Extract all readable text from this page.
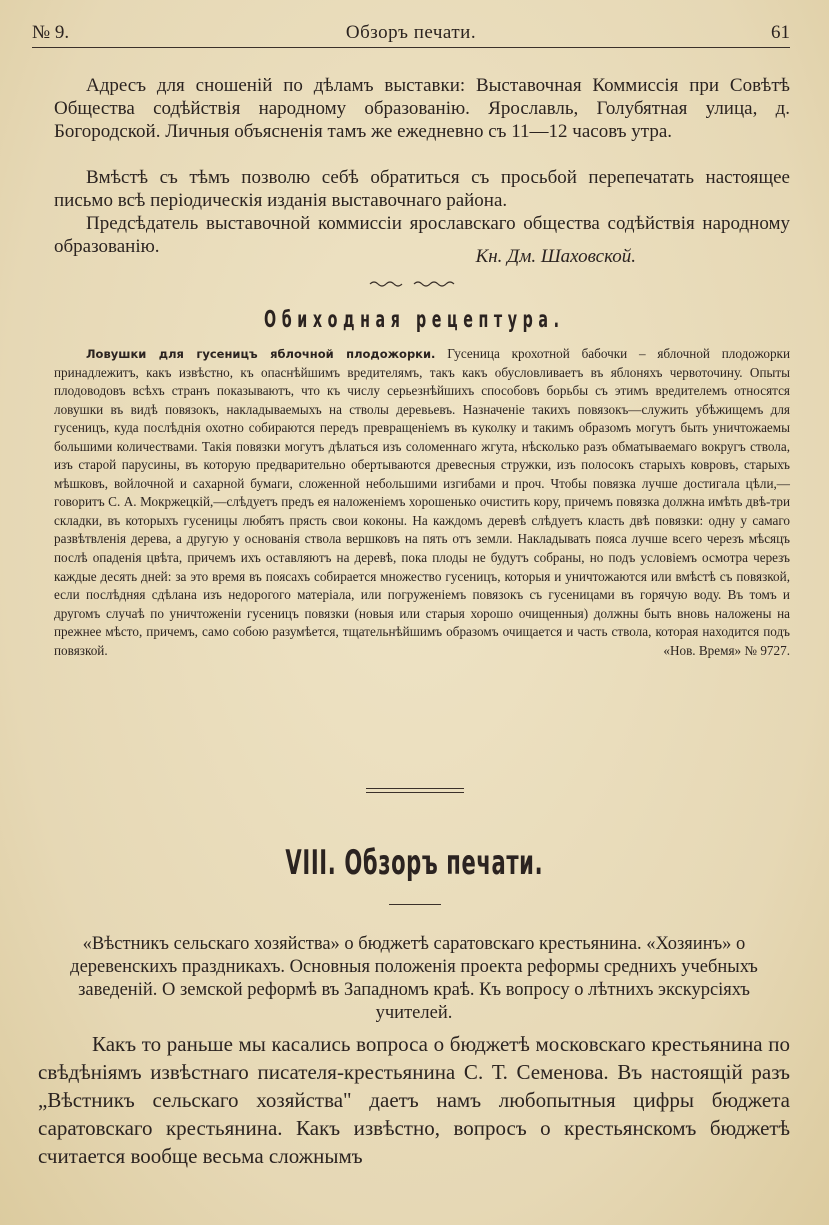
№ 9.	Обзоръ печати.	61
Адресъ для сношеній по дѣламъ выставки: Выставочная Коммиссія при Совѣтѣ Общества содѣйствія народному образованію. Ярославль, Голубятная улица, д. Богородской. Личныя объясненія тамъ же ежедневно съ 11—12 часовъ утра.
Вмѣстѣ съ тѣмъ позволю себѣ обратиться съ просьбой перепечатать настоящее письмо всѣ періодическія изданія выставочнаго района.
Предсѣдатель выставочной коммиссіи ярославскаго общества содѣйствія народному образованію.	Кн. Дм. Шаховской.
Обиходная рецептура.
Ловушки для гусеницъ яблочной плодожорки. Гусеница крохотной бабочки – яблочной плодожорки принадлежитъ, какъ извѣстно, къ опаснѣйшимъ вредителямъ, такъ какъ обусловливаетъ въ яблоняхъ червоточину. Опыты плодоводовъ всѣхъ странъ показываютъ, что къ числу серьезнѣйшихъ способовъ борьбы съ этимъ вредителемъ относятся ловушки въ видѣ повязокъ, накладываемыхъ на стволы деревьевъ. Назначеніе такихъ повязокъ—служить убѣжищемъ для гусеницъ, куда послѣднія охотно собираются передъ превращеніемъ въ куколку и такимъ образомъ могутъ быть уничтожаемы большими количествами. Такія повязки могутъ дѣлаться изъ соломеннаго жгута, нѣсколько разъ обматываемаго вокругъ ствола, изъ старой парусины, въ которую предварительно обертываются древесныя стружки, изъ полосокъ старыхъ ковровъ, старыхъ мѣшковъ, войлочной и сахарной бумаги, сложенной небольшими изгибами и проч. Чтобы повязка лучше достигала цѣли,—говоритъ С. А. Мокржецкій,—слѣдуетъ предъ ея наложеніемъ хорошенько очистить кору, причемъ повязка должна имѣть двѣ-три складки, въ которыхъ гусеницы любятъ прясть свои коконы. На каждомъ деревѣ слѣдуетъ класть двѣ повязки: одну у самаго развѣтвленія дерева, а другую у основанія ствола вершковъ на пять отъ земли. Накладывать пояса лучше всего черезъ мѣсяцъ послѣ опаденія цвѣта, причемъ ихъ оставляютъ на деревѣ, пока плоды не будутъ собраны, но подъ условіемъ осмотра черезъ каждые десять дней: за это время въ поясахъ собирается множество гусеницъ, которыя и уничтожаются или вмѣстѣ съ повязкой, если послѣдняя сдѣлана изъ недорогого матеріала, или погруженіемъ повязокъ съ гусеницами въ горячую воду. Въ томъ и другомъ случаѣ по уничтоженіи гусеницъ повязки (новыя или старыя хорошо очищенныя) должны быть вновь наложены на прежнее мѣсто, причемъ, само собою разумѣется, тщательнѣйшимъ образомъ очищается и часть ствола, которая находится подъ повязкой.	«Нов. Время» № 9727.
VIII. Обзоръ печати.
«Вѣстникъ сельскаго хозяйства» о бюджетѣ саратовскаго крестьянина. «Хозяинъ» о деревенскихъ праздникахъ. Основныя положенія проекта реформы среднихъ учебныхъ заведеній. О земской реформѣ въ Западномъ краѣ. Къ вопросу о лѣтнихъ экскурсіяхъ учителей.
Какъ то раньше мы касались вопроса о бюджетѣ московскаго крестьянина по свѣдѣніямъ извѣстнаго писателя-крестьянина С. Т. Семенова. Въ настоящій разъ „Вѣстникъ сельскаго хозяйства" даетъ намъ любопытныя цифры бюджета саратовскаго крестьянина. Какъ извѣстно, вопросъ о крестьянскомъ бюджетѣ считается вообще весьма сложнымъ
